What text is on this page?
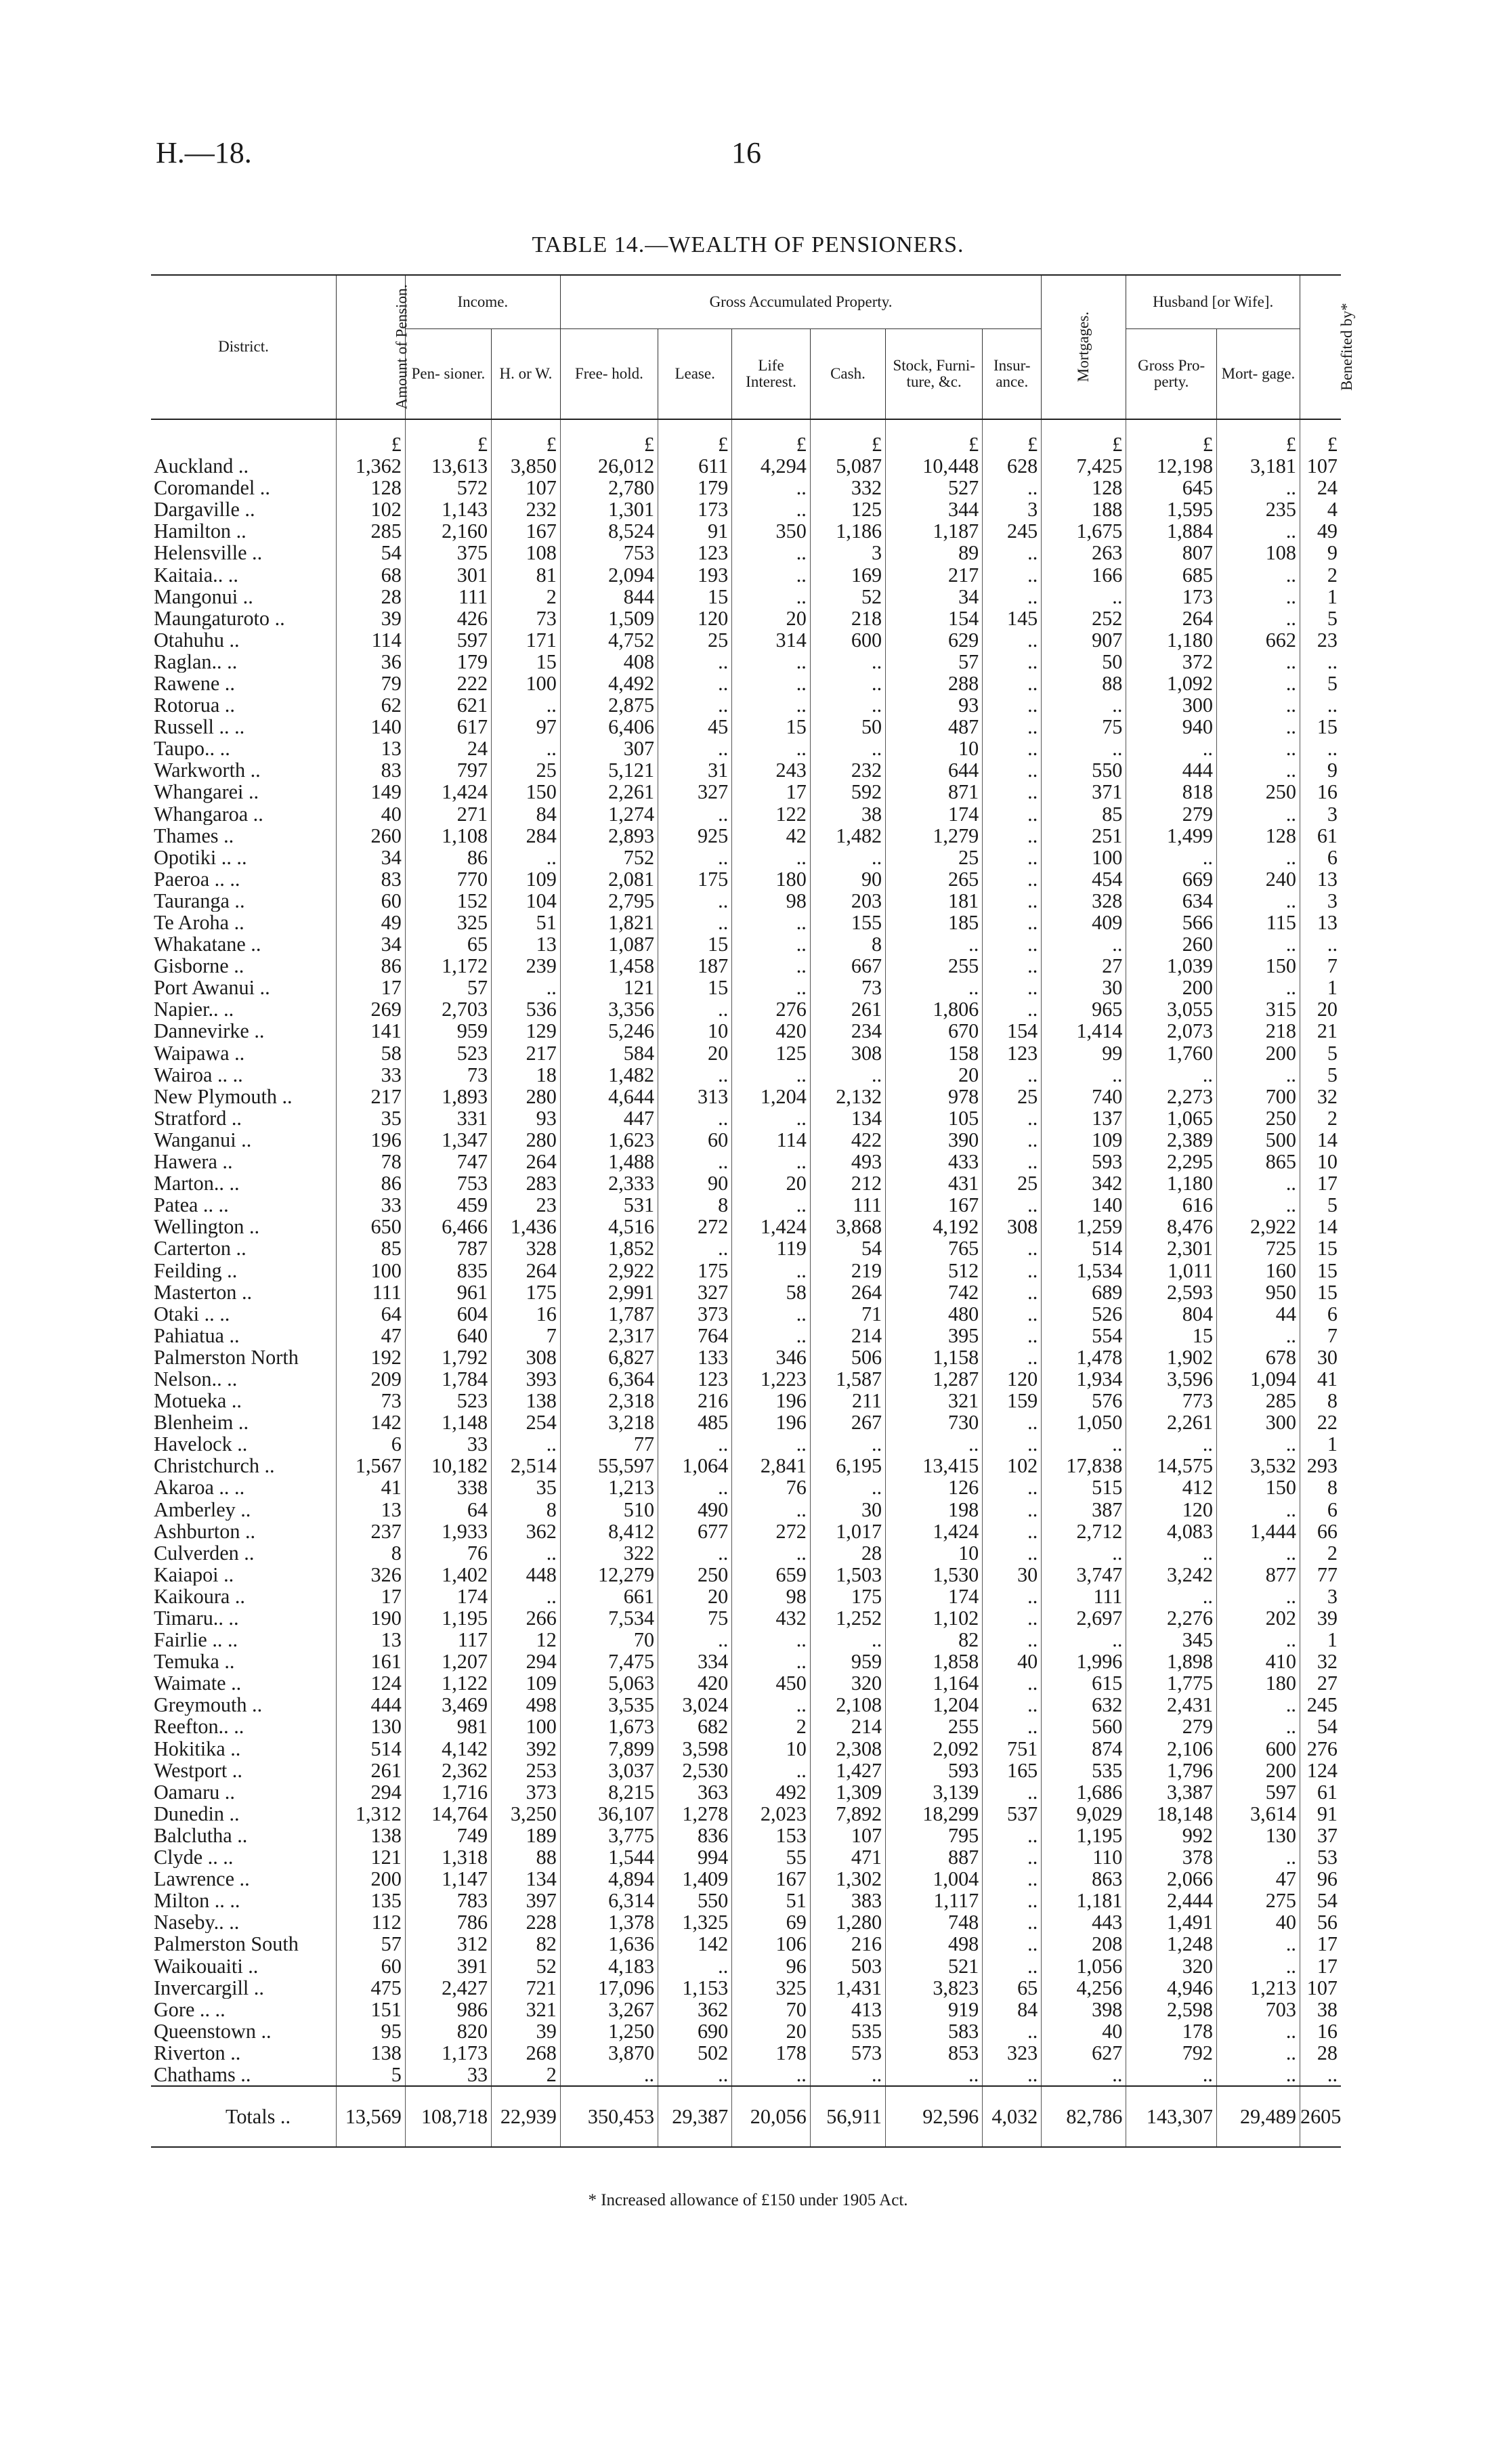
H.—18.	16
TABLE 14.—WEALTH OF PENSIONERS.
District.	Amount of Pension.	Income.		Gross Accumulated Property.						Mortgages.	Husband [or Wife].		Benefited by*
		Pen- sioner.	H. or W.	Free- hold.	Lease.	Life Interest.	Cash.	Stock, Furni- ture, &c.	Insur- ance.		Gross Pro- perty.	Mort- gage.	
	£	£	£	£	£	£	£	£	£	£	£	£	£
Auckland ..	1,362	13,613	3,850	26,012	611	4,294	5,087	10,448	628	7,425	12,198	3,181	107
Coromandel ..	128	572	107	2,780	179	..	332	527	..	128	645	..	24
Dargaville ..	102	1,143	232	1,301	173	..	125	344	3	188	1,595	235	4
Hamilton ..	285	2,160	167	8,524	91	350	1,186	1,187	245	1,675	1,884	..	49
Helensville ..	54	375	108	753	123	..	3	89	..	263	807	108	9
Kaitaia.. ..	68	301	81	2,094	193	..	169	217	..	166	685	..	2
Mangonui ..	28	111	2	844	15	..	52	34	..	..	173	..	1
Maungaturoto ..	39	426	73	1,509	120	20	218	154	145	252	264	..	5
Otahuhu ..	114	597	171	4,752	25	314	600	629	..	907	1,180	662	23
Raglan.. ..	36	179	15	408	..	..	..	57	..	50	372	..	..
Rawene ..	79	222	100	4,492	..	..	..	288	..	88	1,092	..	5
Rotorua ..	62	621	..	2,875	..	..	..	93	..	..	300	..	..
Russell .. ..	140	617	97	6,406	45	15	50	487	..	75	940	..	15
Taupo.. ..	13	24	..	307	..	..	..	10	..	..	..	..	..
Warkworth ..	83	797	25	5,121	31	243	232	644	..	550	444	..	9
Whangarei ..	149	1,424	150	2,261	327	17	592	871	..	371	818	250	16
Whangaroa ..	40	271	84	1,274	..	122	38	174	..	85	279	..	3
Thames ..	260	1,108	284	2,893	925	42	1,482	1,279	..	251	1,499	128	61
Opotiki .. ..	34	86	..	752	..	..	..	25	..	100	..	..	6
Paeroa .. ..	83	770	109	2,081	175	180	90	265	..	454	669	240	13
Tauranga ..	60	152	104	2,795	..	98	203	181	..	328	634	..	3
Te Aroha ..	49	325	51	1,821	..	..	155	185	..	409	566	115	13
Whakatane ..	34	65	13	1,087	15	..	8	..	..	..	260	..	..
Gisborne ..	86	1,172	239	1,458	187	..	667	255	..	27	1,039	150	7
Port Awanui ..	17	57	..	121	15	..	73	..	..	30	200	..	1
Napier.. ..	269	2,703	536	3,356	..	276	261	1,806	..	965	3,055	315	20
Dannevirke ..	141	959	129	5,246	10	420	234	670	154	1,414	2,073	218	21
Waipawa ..	58	523	217	584	20	125	308	158	123	99	1,760	200	5
Wairoa .. ..	33	73	18	1,482	..	..	..	20	..	..	..	..	5
New Plymouth ..	217	1,893	280	4,644	313	1,204	2,132	978	25	740	2,273	700	32
Stratford ..	35	331	93	447	..	..	134	105	..	137	1,065	250	2
Wanganui ..	196	1,347	280	1,623	60	114	422	390	..	109	2,389	500	14
Hawera ..	78	747	264	1,488	..	..	493	433	..	593	2,295	865	10
Marton.. ..	86	753	283	2,333	90	20	212	431	25	342	1,180	..	17
Patea .. ..	33	459	23	531	8	..	111	167	..	140	616	..	5
Wellington ..	650	6,466	1,436	4,516	272	1,424	3,868	4,192	308	1,259	8,476	2,922	14
Carterton ..	85	787	328	1,852	..	119	54	765	..	514	2,301	725	15
Feilding ..	100	835	264	2,922	175	..	219	512	..	1,534	1,011	160	15
Masterton ..	111	961	175	2,991	327	58	264	742	..	689	2,593	950	15
Otaki .. ..	64	604	16	1,787	373	..	71	480	..	526	804	44	6
Pahiatua ..	47	640	7	2,317	764	..	214	395	..	554	15	..	7
Palmerston North	192	1,792	308	6,827	133	346	506	1,158	..	1,478	1,902	678	30
Nelson.. ..	209	1,784	393	6,364	123	1,223	1,587	1,287	120	1,934	3,596	1,094	41
Motueka ..	73	523	138	2,318	216	196	211	321	159	576	773	285	8
Blenheim ..	142	1,148	254	3,218	485	196	267	730	..	1,050	2,261	300	22
Havelock ..	6	33	..	77	..	..	..	..	..	..	..	..	1
Christchurch ..	1,567	10,182	2,514	55,597	1,064	2,841	6,195	13,415	102	17,838	14,575	3,532	293
Akaroa .. ..	41	338	35	1,213	..	76	..	126	..	515	412	150	8
Amberley ..	13	64	8	510	490	..	30	198	..	387	120	..	6
Ashburton ..	237	1,933	362	8,412	677	272	1,017	1,424	..	2,712	4,083	1,444	66
Culverden ..	8	76	..	322	..	..	28	10	..	..	..	..	2
Kaiapoi ..	326	1,402	448	12,279	250	659	1,503	1,530	30	3,747	3,242	877	77
Kaikoura ..	17	174	..	661	20	98	175	174	..	111	..	..	3
Timaru.. ..	190	1,195	266	7,534	75	432	1,252	1,102	..	2,697	2,276	202	39
Fairlie .. ..	13	117	12	70	..	..	..	82	..	..	345	..	1
Temuka ..	161	1,207	294	7,475	334	..	959	1,858	40	1,996	1,898	410	32
Waimate ..	124	1,122	109	5,063	420	450	320	1,164	..	615	1,775	180	27
Greymouth ..	444	3,469	498	3,535	3,024	..	2,108	1,204	..	632	2,431	..	245
Reefton.. ..	130	981	100	1,673	682	2	214	255	..	560	279	..	54
Hokitika ..	514	4,142	392	7,899	3,598	10	2,308	2,092	751	874	2,106	600	276
Westport ..	261	2,362	253	3,037	2,530	..	1,427	593	165	535	1,796	200	124
Oamaru ..	294	1,716	373	8,215	363	492	1,309	3,139	..	1,686	3,387	597	61
Dunedin ..	1,312	14,764	3,250	36,107	1,278	2,023	7,892	18,299	537	9,029	18,148	3,614	91
Balclutha ..	138	749	189	3,775	836	153	107	795	..	1,195	992	130	37
Clyde .. ..	121	1,318	88	1,544	994	55	471	887	..	110	378	..	53
Lawrence ..	200	1,147	134	4,894	1,409	167	1,302	1,004	..	863	2,066	47	96
Milton .. ..	135	783	397	6,314	550	51	383	1,117	..	1,181	2,444	275	54
Naseby.. ..	112	786	228	1,378	1,325	69	1,280	748	..	443	1,491	40	56
Palmerston South	57	312	82	1,636	142	106	216	498	..	208	1,248	..	17
Waikouaiti ..	60	391	52	4,183	..	96	503	521	..	1,056	320	..	17
Invercargill ..	475	2,427	721	17,096	1,153	325	1,431	3,823	65	4,256	4,946	1,213	107
Gore .. ..	151	986	321	3,267	362	70	413	919	84	398	2,598	703	38
Queenstown ..	95	820	39	1,250	690	20	535	583	..	40	178	..	16
Riverton ..	138	1,173	268	3,870	502	178	573	853	323	627	792	..	28
Chathams ..	5	33	2	..	..	..	..	..	..	..	..	..	..
Totals ..	13,569	108,718	22,939	350,453	29,387	20,056	56,911	92,596	4,032	82,786	143,307	29,489	2605
* Increased allowance of £150 under 1905 Act.
